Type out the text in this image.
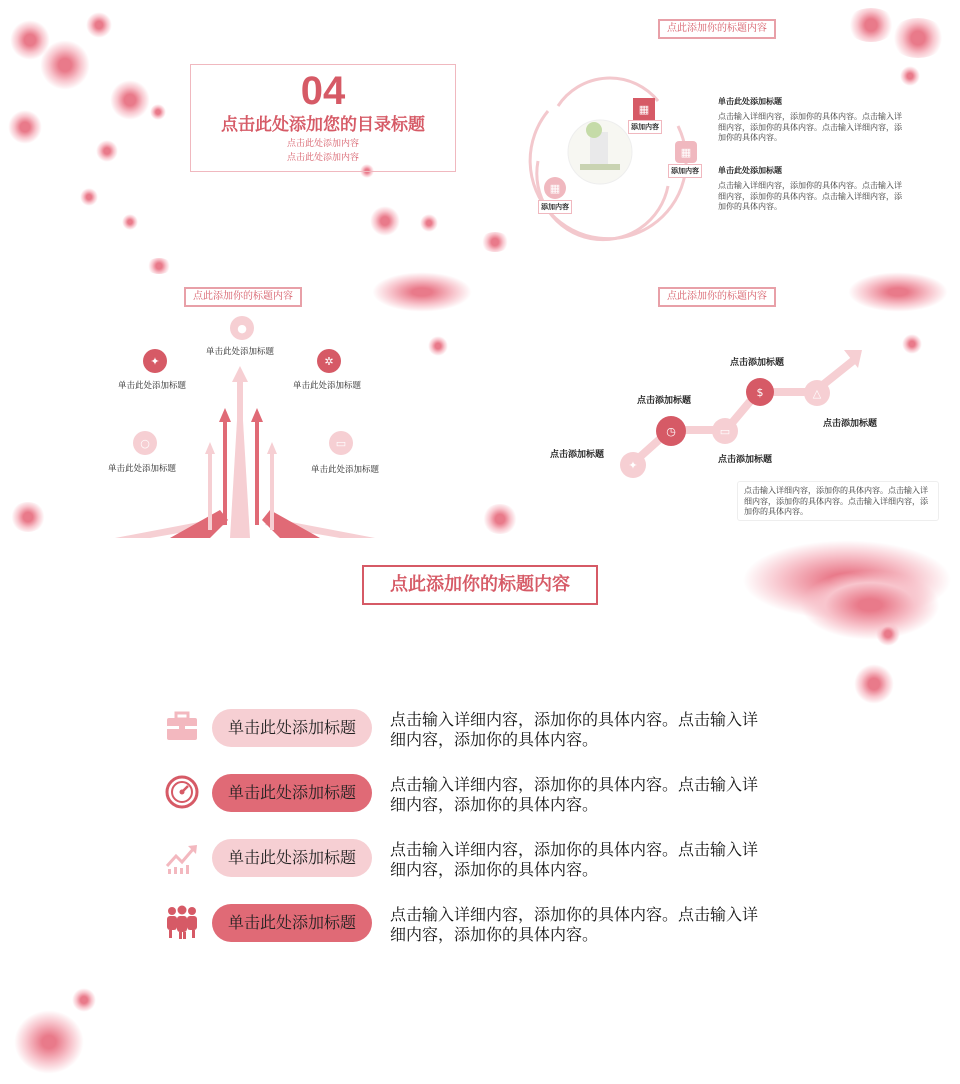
04
点击此处添加您的目录标题
点击此处添加内容
点击此处添加内容
点此添加你的标题内容
▦
添加内容
▦
添加内容
▦
添加内容
单击此处添加标题
点击输入详细内容，添加你的具体内容。点击输入详细内容，添加你的具体内容。点击输入详细内容，添加你的具体内容。
单击此处添加标题
点击输入详细内容，添加你的具体内容。点击输入详细内容，添加你的具体内容。点击输入详细内容，添加你的具体内容。
点此添加你的标题内容
●
单击此处添加标题
✦
单击此处添加标题
✲
单击此处添加标题
○
单击此处添加标题
▭
单击此处添加标题
点此添加你的标题内容
✦
◷	▭
$	△
点击添加标题
点击添加标题
点击添加标题
点击添加标题
点击添加标题
点击输入详细内容，添加你的具体内容。点击输入详细内容，添加你的具体内容。点击输入详细内容，添加你的具体内容。
点此添加你的标题内容
单击此处添加标题	点击输入详细内容，添加你的具体内容。点击输入详细内容，添加你的具体内容。
单击此处添加标题	点击输入详细内容，添加你的具体内容。点击输入详细内容，添加你的具体内容。
单击此处添加标题	点击输入详细内容，添加你的具体内容。点击输入详细内容，添加你的具体内容。
单击此处添加标题	点击输入详细内容，添加你的具体内容。点击输入详细内容，添加你的具体内容。
